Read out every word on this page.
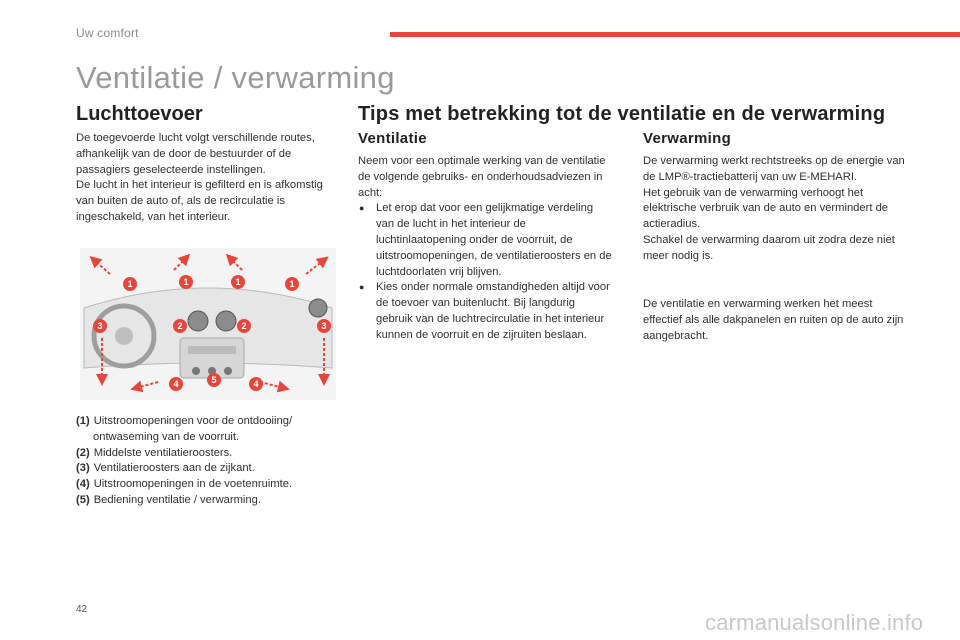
Uw comfort
Ventilatie / verwarming
Luchttoevoer

De toegevoerde lucht volgt verschillende routes, afhankelijk van de door de bestuurder of de passagiers geselecteerde instellingen.

De lucht in het interieur is gefilterd en is afkomstig van buiten de auto of, als de recirculatie is ingeschakeld, van het interieur.

1	1	1	1
2	2
3	3
4	4
5
(1) Uitstroomopeningen voor de ontdooiing/ ontwaseming van de voorruit.
(2) Middelste ventilatieroosters.
(3) Ventilatieroosters aan de zijkant.
(4) Uitstroomopeningen in de voetenruimte.
(5) Bediening ventilatie / verwarming.
Tips met betrekking tot de ventilatie en de verwarming
Ventilatie

Neem voor een optimale werking van de ventilatie de volgende gebruiks- en onderhoudsadviezen in acht:

● Let erop dat voor een gelijkmatige verdeling van de lucht in het interieur de luchtinlaatopening onder de voorruit, de uitstroomopeningen, de ventilatieroosters en de luchtdoorlaten vrij blijven.
● Kies onder normale omstandigheden altijd voor de toevoer van buitenlucht. Bij langdurig gebruik van de luchtrecirculatie in het interieur kunnen de voorruit en de zijruiten beslaan.
Verwarming

De verwarming werkt rechtstreeks op de energie van de LMP®-tractiebatterij van uw E-MEHARI.

Het gebruik van de verwarming verhoogt het elektrische verbruik van de auto en vermindert de actieradius.

Schakel de verwarming daarom uit zodra deze niet meer nodig is.

De ventilatie en verwarming werken het meest effectief als alle dakpanelen en ruiten op de auto zijn aangebracht.

42
carmanualsonline.info
